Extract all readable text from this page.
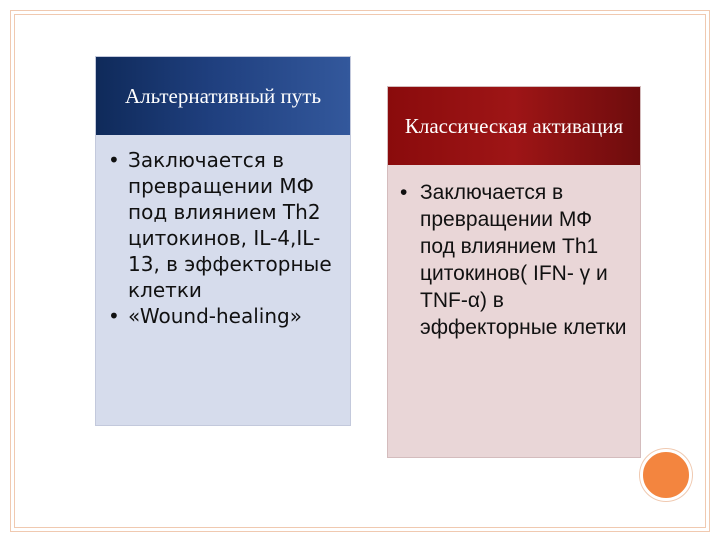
Альтернативный путь
• Заключается в превращении МФ под влиянием Th2 цитокинов, IL-4,IL-13, в эффекторные клетки
• «Wound-healing»
Классическая активация
• Заключается в превращении МФ под влиянием Th1 цитокинов( IFN- γ и TNF-α) в эффекторные клетки
